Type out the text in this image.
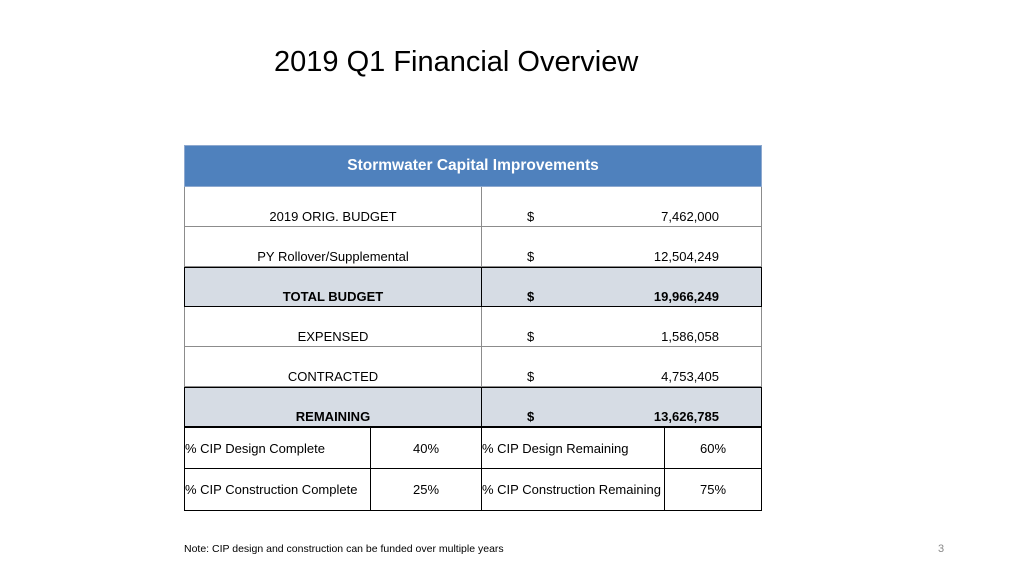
2019 Q1 Financial Overview
Stormwater Capital Improvements
2019 ORIG. BUDGET	$	7,462,000
PY Rollover/Supplemental	$	12,504,249
TOTAL BUDGET	$	19,966,249
EXPENSED	$	1,586,058
CONTRACTED	$	4,753,405
REMAINING	$	13,626,785
% CIP Design Complete	40%	% CIP Design Remaining	60%
% CIP Construction Complete	25%	% CIP Construction Remaining	75%
Note: CIP design and construction can be funded over multiple years	3
